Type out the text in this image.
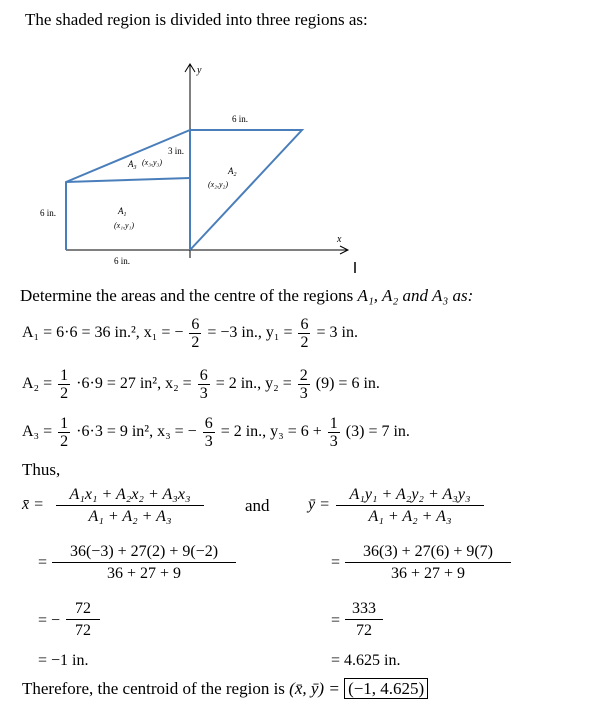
The shaded region is divided into three regions as:
y
x
6 in.
3 in.
6 in.
6 in.
$A_3$
(x₃,y₃)
$A_2$
(x₂,y₂)
$A_1$
(x₁,y₁)
Determine the areas and the centre of the regions A₁, A₂ and A₃ as:
A₁ = 6·6 = 36 in.², x₁ = − $\frac{6}{2} = -3$ in., $y_1 = \frac{6}{2} = 3$ in.
$A_2 = \frac{1}{2} \cdot 6\cdot 9 = 27$ in², $x_2 = \frac{6}{3} = 2$ in., $y_2 = \frac{2}{3} (9) = 6$ in.
$A_3 = \frac{1}{2} \cdot 6\cdot 3 = 9$ in², x₃ = − $\frac{6}{3} = 2$ in., $y_3 = 6 + \frac{1}{3} (3) = 7$ in.
Thus,
x̄ = $\frac{\text{A₁x₁ + A₂x₂ + A₃x₃}}{\text{A₁ + A₂ + A₃}}$ and ȳ = $\frac{\text{A₁y₁ + A₂y₂ + A₃y₃}}{\text{A₁ + A₂ + A₃}}$
= $\frac{36(-3) + 27(2) + 9(-2)}{36 + 27 + 9}$	= $\frac{36(3) + 27(6) + 9(7)}{36 + 27 + 9}$
= − $\frac{72}{72}$	= $\frac{333}{72}$
= −1 in.	= 4.625 in.
Therefore, the centroid of the region is (x̄, ȳ) = (−1, 4.625)
